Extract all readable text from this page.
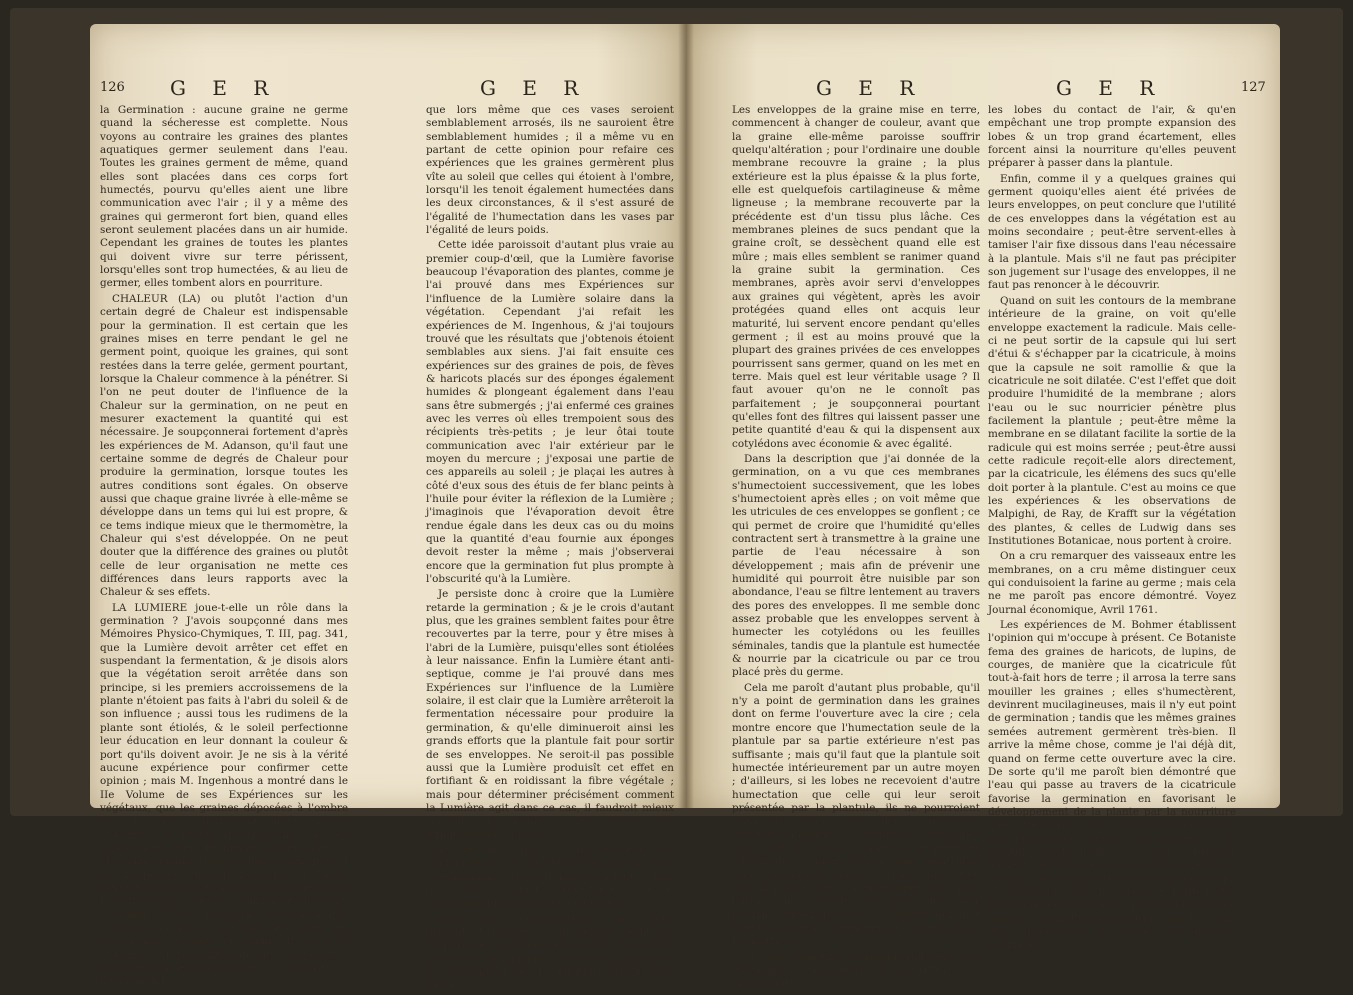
126 G E R	G E R

la Germination : aucune graine ne germe quand la sécheresse est complette. Nous voyons au contraire les graines des plantes aquatiques germer seulement dans l'eau. Toutes les graines germent de même, quand elles sont placées dans ces corps fort humectés, pourvu qu'elles aient une libre communication avec l'air ; il y a même des graines qui germeront fort bien, quand elles seront seulement placées dans un air humide. Cependant les graines de toutes les plantes qui doivent vivre sur terre périssent, lorsqu'elles sont trop humectées, & au lieu de germer, elles tombent alors en pourriture.

CHALEUR (LA) ou plutôt l'action d'un certain degré de Chaleur est indispensable pour la germination. Il est certain que les graines mises en terre pendant le gel ne germent point, quoique les graines, qui sont restées dans la terre gelée, germent pourtant, lorsque la Chaleur commence à la pénétrer. Si l'on ne peut douter de l'influence de la Chaleur sur la germination, on ne peut en mesurer exactement la quantité qui est nécessaire. Je soupçonnerai fortement d'après les expériences de M. Adanson, qu'il faut une certaine somme de degrés de Chaleur pour produire la germination, lorsque toutes les autres conditions sont égales. On observe aussi que chaque graine livrée à elle-même se développe dans un tems qui lui est propre, & ce tems indique mieux que le thermomètre, la Chaleur qui s'est développée. On ne peut douter que la différence des graines ou plutôt celle de leur organisation ne mette ces différences dans leurs rapports avec la Chaleur & ses effets.

LA LUMIERE joue-t-elle un rôle dans la germination ? J'avois soupçonné dans mes Mémoires Physico-Chymiques, T. III, pag. 341, que la Lumière devoit arrêter cet effet en suspendant la fermentation, & je disois alors que la végétation seroit arrêtée dans son principe, si les premiers accroissemens de la plante n'étoient pas faits à l'abri du soleil & de son influence ; aussi tous les rudimens de la plante sont étiolés, & le soleil perfectionne leur éducation en leur donnant la couleur & port qu'ils doivent avoir. Je ne sis à la vérité aucune expérience pour confirmer cette opinion ; mais M. Ingenhous a montré dans le IIe Volume de ses Expériences sur les végétaux, que les graines déposées à l'ombre dans la terre y germèrent plutôt qu'à la Lumière. J'ai répété quelques-unes de ses expériences avec le même succès que ce Physicien célèbre ; mais je dois avouer que j'ai été frappé des réflexions faites par M. l'Abbé Bertholon dans un Mémoire sur l'influence de l'électricité des végétaux. Journal de Physique, Décembre 1789. Il remarque avec raison que l'évaporation qui se fait dans les vases des expériences exposés en plein air & à la Lumière, est très-différente de l'évaporation éprouvée par les vases placés à l'obscurité, & il en conclut

que lors même que ces vases seroient semblablement arrosés, ils ne sauroient être semblablement humides ; il a même vu en partant de cette opinion pour refaire ces expériences que les graines germèrent plus vîte au soleil que celles qui étoient à l'ombre, lorsqu'il les tenoit également humectées dans les deux circonstances, & il s'est assuré de l'égalité de l'humectation dans les vases par l'égalité de leurs poids.

Cette idée paroissoit d'autant plus vraie au premier coup-d'œil, que la Lumière favorise beaucoup l'évaporation des plantes, comme je l'ai prouvé dans mes Expériences sur l'influence de la Lumière solaire dans la végétation. Cependant j'ai refait les expériences de M. Ingenhous, & j'ai toujours trouvé que les résultats que j'obtenois étoient semblables aux siens. J'ai fait ensuite ces expériences sur des graines de pois, de fèves & haricots placés sur des éponges également humides & plongeant également dans l'eau sans être submergés ; j'ai enfermé ces graines avec les verres où elles trempoient sous des récipients très-petits ; je leur ôtai toute communication avec l'air extérieur par le moyen du mercure ; j'exposai une partie de ces appareils au soleil ; je plaçai les autres à côté d'eux sous des étuis de fer blanc peints à l'huile pour éviter la réflexion de la Lumière ; j'imaginois que l'évaporation devoit être rendue égale dans les deux cas ou du moins que la quantité d'eau fournie aux éponges devoit rester la même ; mais j'observerai encore que la germination fut plus prompte à l'obscurité qu'à la Lumière.

Je persiste donc à croire que la Lumière retarde la germination ; & je le crois d'autant plus, que les graines semblent faites pour être recouvertes par la terre, pour y être mises à l'abri de la Lumière, puisqu'elles sont étiolées à leur naissance. Enfin la Lumière étant anti-septique, comme je l'ai prouvé dans mes Expériences sur l'influence de la Lumière solaire, il est clair que la Lumière arrêteroit la fermentation nécessaire pour produire la germination, & qu'elle diminueroit ainsi les grands efforts que la plantule fait pour sortir de ses enveloppes. Ne seroit-il pas possible aussi que la Lumière produisît cet effet en fortifiant & en roidissant la fibre végétale ; mais pour déterminer précisément comment la Lumière agit dans ce cas, il faudroit mieux connoître la Nature & les produits des affinités de la Lumière.

Je ne dirai rien ici de nouveau sur l'influence que l'ÉLECTRICITÉ peut avoir dans la germination ; mais je renvoie à tout ce que j'en ai dit en parlant de l'électricité, & je me trouve aussi incertain que j'étois alors.

Après ces considérations qui nous présentent jusques à un certain point les rapports de la graine avec la terre, l'eau, l'air, la chaleur, la Lumière & l'électricité, je passe à l'explication de la GERMINATION elle-même.

G E R	G E R	127

Les enveloppes de la graine mise en terre, commencent à changer de couleur, avant que la graine elle-même paroisse souffrir quelqu'altération ; pour l'ordinaire une double membrane recouvre la graine ; la plus extérieure est la plus épaisse & la plus forte, elle est quelquefois cartilagineuse & même ligneuse ; la membrane recouverte par la précédente est d'un tissu plus lâche. Ces membranes pleines de sucs pendant que la graine croît, se dessèchent quand elle est mûre ; mais elles semblent se ranimer quand la graine subit la germination. Ces membranes, après avoir servi d'enveloppes aux graines qui végètent, après les avoir protégées quand elles ont acquis leur maturité, lui servent encore pendant qu'elles germent ; il est au moins prouvé que la plupart des graines privées de ces enveloppes pourrissent sans germer, quand on les met en terre. Mais quel est leur véritable usage ? Il faut avouer qu'on ne le connoît pas parfaitement ; je soupçonnerai pourtant qu'elles font des filtres qui laissent passer une petite quantité d'eau & qui la dispensent aux cotylédons avec économie & avec égalité.

Dans la description que j'ai donnée de la germination, on a vu que ces membranes s'humectoient successivement, que les lobes s'humectoient après elles ; on voit même que les utricules de ces enveloppes se gonflent ; ce qui permet de croire que l'humidité qu'elles contractent sert à transmettre à la graine une partie de l'eau nécessaire à son développement ; mais afin de prévenir une humidité qui pourroit être nuisible par son abondance, l'eau se filtre lentement au travers des pores des enveloppes. Il me semble donc assez probable que les enveloppes servent à humecter les cotylédons ou les feuilles séminales, tandis que la plantule est humectée & nourrie par la cicatricule ou par ce trou placé près du germe.

Cela me paroît d'autant plus probable, qu'il n'y a point de germination dans les graines dont on ferme l'ouverture avec la cire ; cela montre encore que l'humectation seule de la plantule par sa partie extérieure n'est pas suffisante ; mais qu'il faut que la plantule soit humectée intérieurement par un autre moyen ; d'ailleurs, si les lobes ne recevoient d'autre humectation que celle qui leur seroit présentée par la plantule, ils ne pourroient s'humecter assez pour céder à l'impulsion végétale du germe ; & comme ces enveloppes sont plus ou moins propres à se pénétrer d'humidité ; comme elles ne sont point liées avec les lobes de manière à faire corps avec eux, il paroît que ces enveloppes sont plus faites pour humecter les lobes que pour nourrir immédiatement la plantule qui doit être uniquement alimentée par l'ouverture de la cicatricule.

M. de Saussure soupçonneroit que les enveloppes empêchent la pourriture en préservant

les lobes du contact de l'air, & qu'en empêchant une trop prompte expansion des lobes & un trop grand écartement, elles forcent ainsi la nourriture qu'elles peuvent préparer à passer dans la plantule.

Enfin, comme il y a quelques graines qui germent quoiqu'elles aient été privées de leurs enveloppes, on peut conclure que l'utilité de ces enveloppes dans la végétation est au moins secondaire ; peut-être servent-elles à tamiser l'air fixe dissous dans l'eau nécessaire à la plantule. Mais s'il ne faut pas précipiter son jugement sur l'usage des enveloppes, il ne faut pas renoncer à le découvrir.

Quand on suit les contours de la membrane intérieure de la graine, on voit qu'elle enveloppe exactement la radicule. Mais celle-ci ne peut sortir de la capsule qui lui sert d'étui & s'échapper par la cicatricule, à moins que la capsule ne soit ramollie & que la cicatricule ne soit dilatée. C'est l'effet que doit produire l'humidité de la membrane ; alors l'eau ou le suc nourricier pénètre plus facilement la plantule ; peut-être même la membrane en se dilatant facilite la sortie de la radicule qui est moins serrée ; peut-être aussi cette radicule reçoit-elle alors directement, par la cicatricule, les élémens des sucs qu'elle doit porter à la plantule. C'est au moins ce que les expériences & les observations de Malpighi, de Ray, de Krafft sur la végétation des plantes, & celles de Ludwig dans ses Institutiones Botanicae, nous portent à croire.

On a cru remarquer des vaisseaux entre les membranes, on a cru même distinguer ceux qui conduisoient la farine au germe ; mais cela ne me paroît pas encore démontré. Voyez Journal économique, Avril 1761.

Les expériences de M. Bohmer établissent l'opinion qui m'occupe à présent. Ce Botaniste fema des graines de haricots, de lupins, de courges, de manière que la cicatricule fût tout-à-fait hors de terre ; il arrosa la terre sans mouiller les graines ; elles s'humectèrent, devinrent mucilagineuses, mais il n'y eut point de germination ; tandis que les mêmes graines semées autrement germèrent très-bien. Il arrive la même chose, comme je l'ai déjà dit, quand on ferme cette ouverture avec la cire. De sorte qu'il me paroît bien démontré que l'eau qui passe au travers de la cicatricule favorise la germination en favorisant le développement de la plante par la nourriture que cette eau lui fournit. Mais aussi l'humidité des enveloppes prépare les parties de la plantule qu'elle gonfle, à recevoir ce premier aliment ; on observe dans la partie supérieure du grain de bled, c'est-à-dire, dans celles qui est à l'air sur l'épi, une espèce de petite plate-forme criblée de plusieurs pores au travers de laquelle l'humidité peut entrer dans la farine des cotylédons & la changer en émulsion nourricière.
